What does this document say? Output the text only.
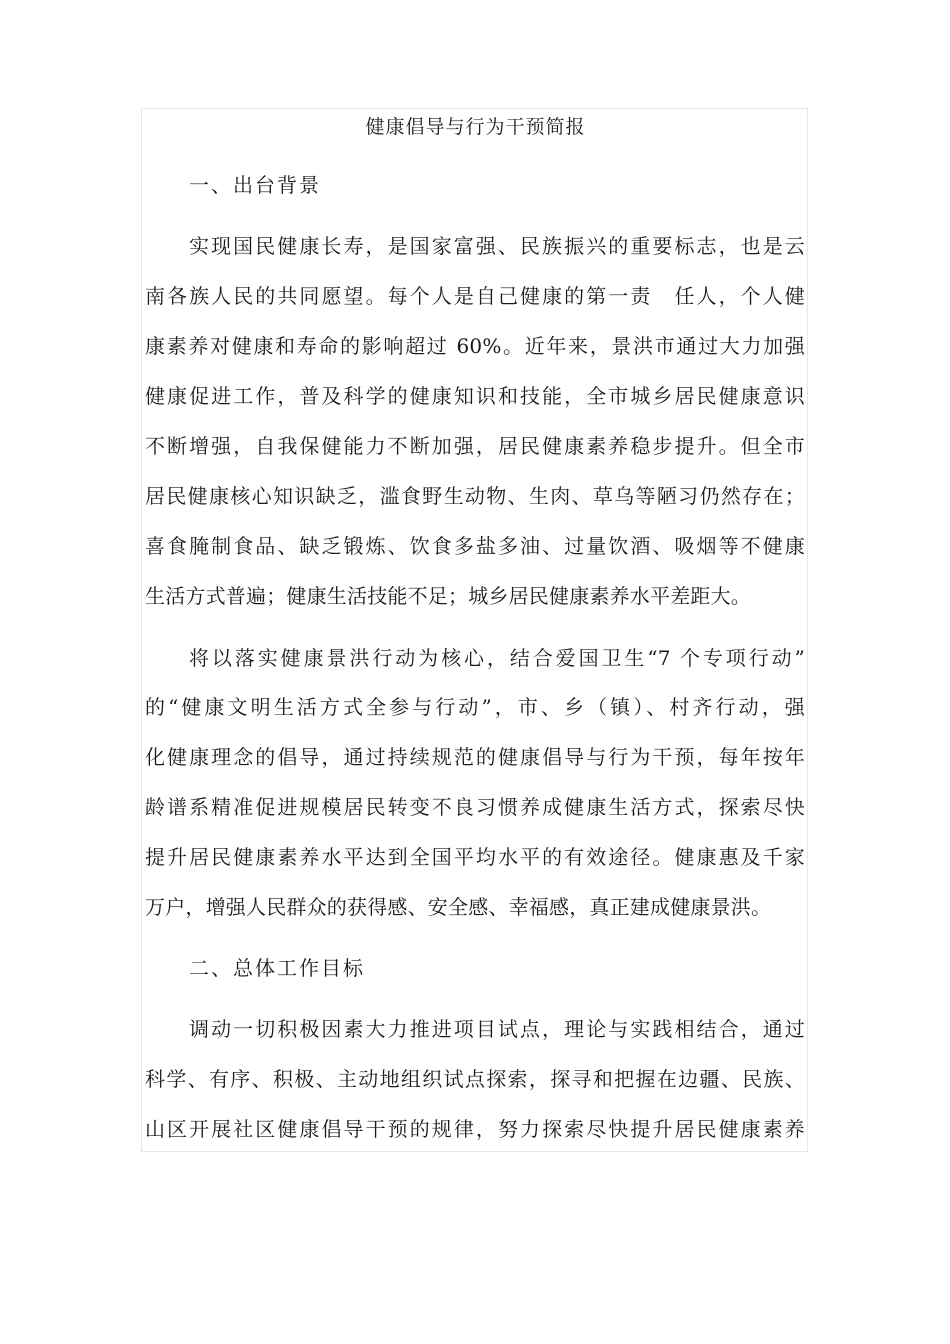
健康倡导与行为干预简报
一、出台背景
实现国民健康长寿，是国家富强、民族振兴的重要标志，也是云
南各族人民的共同愿望。每个人是自己健康的第一责　任人，个人健
康素养对健康和寿命的影响超过 60%。近年来，景洪市通过大力加强
健康促进工作，普及科学的健康知识和技能，全市城乡居民健康意识
不断增强，自我保健能力不断加强，居民健康素养稳步提升。但全市
居民健康核心知识缺乏，滥食野生动物、生肉、草乌等陋习仍然存在；
喜食腌制食品、缺乏锻炼、饮食多盐多油、过量饮酒、吸烟等不健康
生活方式普遍；健康生活技能不足；城乡居民健康素养水平差距大。
将以落实健康景洪行动为核心，结合爱国卫生“7 个专项行动”
的“健康文明生活方式全参与行动”，市、乡（镇）、村齐行动，强
化健康理念的倡导，通过持续规范的健康倡导与行为干预，每年按年
龄谱系精准促进规模居民转变不良习惯养成健康生活方式，探索尽快
提升居民健康素养水平达到全国平均水平的有效途径。健康惠及千家
万户，增强人民群众的获得感、安全感、幸福感，真正建成健康景洪。
二、总体工作目标
调动一切积极因素大力推进项目试点，理论与实践相结合，通过
科学、有序、积极、主动地组织试点探索，探寻和把握在边疆、民族、
山区开展社区健康倡导干预的规律，努力探索尽快提升居民健康素养
